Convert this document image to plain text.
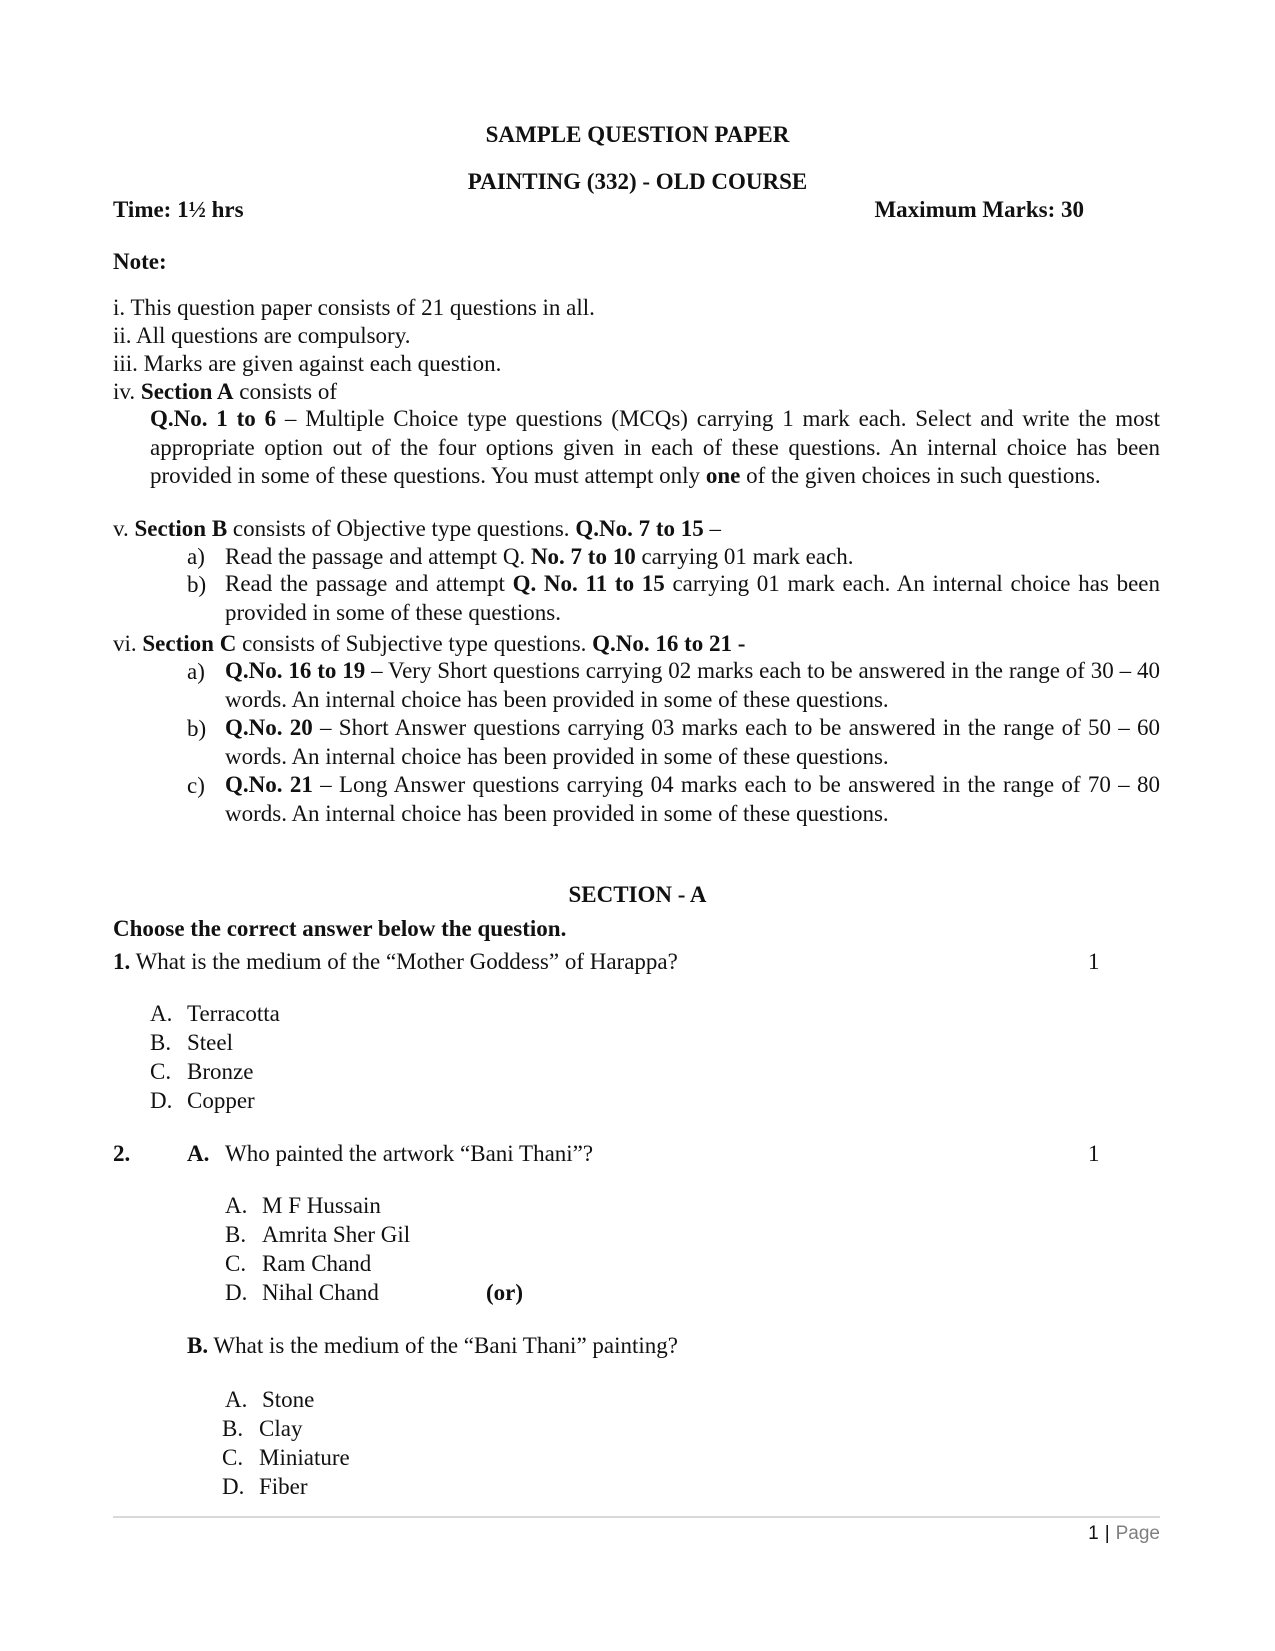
SAMPLE QUESTION PAPER
PAINTING (332) - OLD COURSE
Time: 1½ hrs	Maximum Marks: 30
Note:
i. This question paper consists of 21 questions in all.
ii. All questions are compulsory.
iii. Marks are given against each question.
iv. Section A consists of
Q.No. 1 to 6 – Multiple Choice type questions (MCQs) carrying 1 mark each. Select and write the most appropriate option out of the four options given in each of these questions. An internal choice has been provided in some of these questions. You must attempt only one of the given choices in such questions.
v. Section B consists of Objective type questions. Q.No. 7 to 15 –
a) Read the passage and attempt Q. No. 7 to 10 carrying 01 mark each.
b) Read the passage and attempt Q. No. 11 to 15 carrying 01 mark each. An internal choice has been provided in some of these questions.
vi. Section C consists of Subjective type questions. Q.No. 16 to 21 -
a) Q.No. 16 to 19 – Very Short questions carrying 02 marks each to be answered in the range of 30 – 40 words. An internal choice has been provided in some of these questions.
b) Q.No. 20 – Short Answer questions carrying 03 marks each to be answered in the range of 50 – 60 words. An internal choice has been provided in some of these questions.
c) Q.No. 21 – Long Answer questions carrying 04 marks each to be answered in the range of 70 – 80 words. An internal choice has been provided in some of these questions.
SECTION - A
Choose the correct answer below the question.
1. What is the medium of the “Mother Goddess” of Harappa?	1
A. Terracotta
B. Steel
C. Bronze
D. Copper
2. A. Who painted the artwork “Bani Thani”?	1
A. M F Hussain
B. Amrita Sher Gil
C. Ram Chand
D. Nihal Chand	(or)
B. What is the medium of the “Bani Thani” painting?
A. Stone
B. Clay
C. Miniature
D. Fiber
1 | Page
